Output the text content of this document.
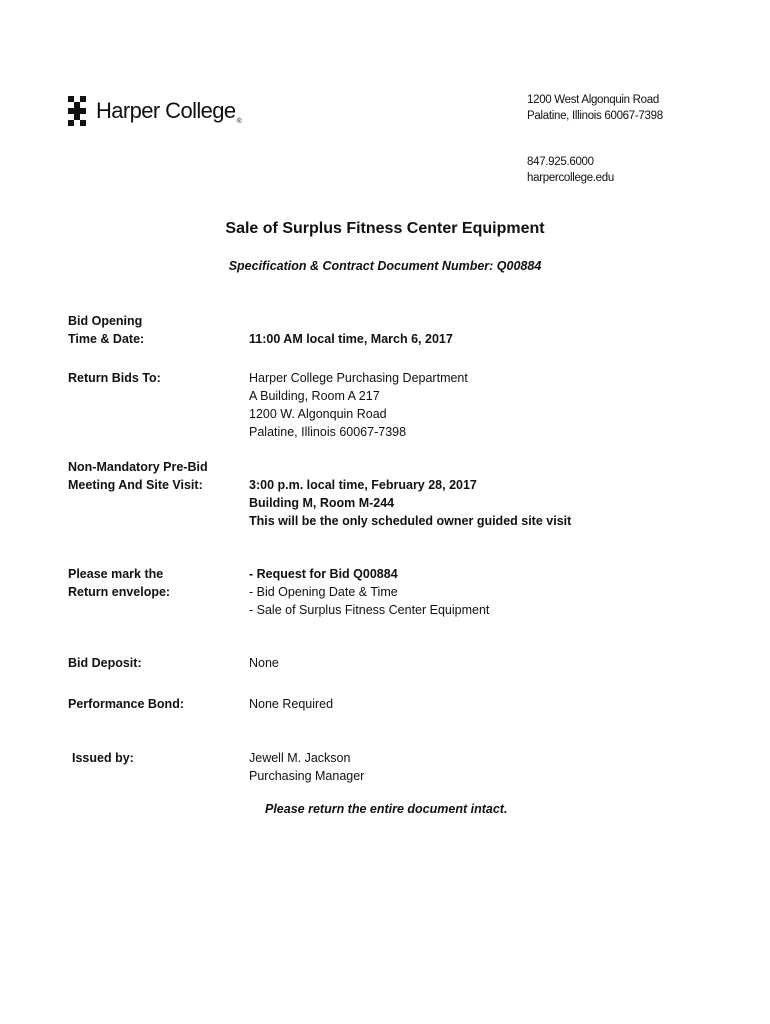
Harper College ®
1200 West Algonquin Road
Palatine, Illinois 60067-7398
847.925.6000
harpercollege.edu
Sale of Surplus Fitness Center Equipment
Specification & Contract Document Number: Q00884
Bid Opening
Time & Date:	11:00 AM local time, March 6, 2017
Return Bids To:	Harper College Purchasing Department
A Building, Room A 217
1200 W. Algonquin Road
Palatine, Illinois 60067-7398
Non-Mandatory Pre-Bid
Meeting And Site Visit:	3:00 p.m. local time, February 28, 2017
Building M, Room M-244
This will be the only scheduled owner guided site visit
Please mark the
Return envelope:
- Request for Bid Q00884
- Bid Opening Date & Time
- Sale of Surplus Fitness Center Equipment
Bid Deposit:	None
Performance Bond:	None Required
Issued by:	Jewell M. Jackson
Purchasing Manager
Please return the entire document intact.
